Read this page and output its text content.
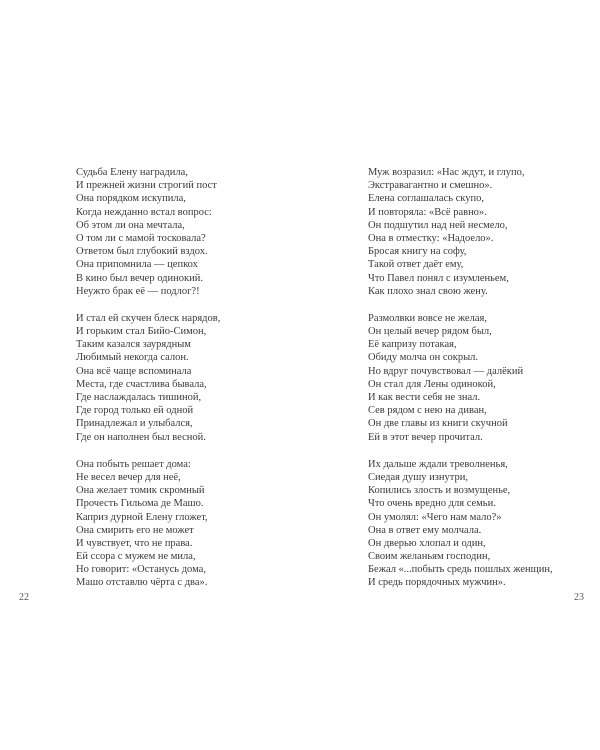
Судьба Елену наградила,
И прежней жизни строгий пост
Она порядком искупила,
Когда нежданно встал вопрос:
Об этом ли она мечтала,
О том ли с мамой тосковала?
Ответом был глубокий вздох.
Она припомнила — цепкох
В кино был вечер одинокий.
Неужто брак её — подлог?!
И стал ей скучен блеск нарядов,
И горьким стал Бийо-Симон,
Таким казался заурядным
Любимый некогда салон.
Она всё чаще вспоминала
Места, где счастлива бывала,
Где наслаждалась тишиной,
Где город только ей одной
Принадлежал и улыбался,
Где он наполнен был весной.
Она побыть решает дома:
Не весел вечер для неё,
Она желает томик скромный
Прочесть Гильома де Машо.
Каприз дурной Елену гложет,
Она смирить его не может
И чувствует, что не права.
Ей ссора с мужем не мила,
Но говорит: «Останусь дома,
Машо отставлю чёрта с два».
22
Муж возразил: «Нас ждут, и глупо,
Экстравагантно и смешно».
Елена соглашалась скупо,
И повторяла: «Всё равно».
Он подшутил над ней несмело,
Она в отместку: «Надоело».
Бросая книгу на софу,
Такой ответ даёт ему,
Что Павел понял с изумленьем,
Как плохо знал свою жену.
Размолвки вовсе не желая,
Он целый вечер рядом был,
Её капризу потакая,
Обиду молча он сокрыл.
Но вдруг почувствовал — далёкий
Он стал для Лены одинокой,
И как вести себя не знал.
Сев рядом с нею на диван,
Он две главы из книги скучной
Ей в этот вечер прочитал.
Их дальше ждали треволненья,
Сиедая душу изнутри,
Копились злость и возмущенье,
Что очень вредно для семьи.
Он умолял: «Чего нам мало?»
Она в ответ ему молчала.
Он дверью хлопал и один,
Своим желаньям господин,
Бежал «...побыть средь пошлых женщин,
И средь порядочных мужчин».
23
